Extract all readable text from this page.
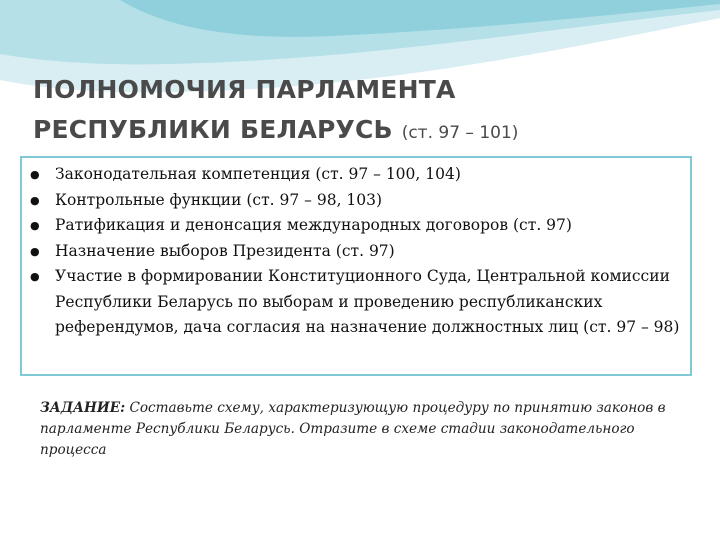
ПОЛНОМОЧИЯ ПАРЛАМЕНТА
РЕСПУБЛИКИ БЕЛАРУСЬ (ст. 97 – 101)
● Законодательная компетенция (ст. 97 – 100, 104)
● Контрольные функции (ст. 97 – 98, 103)
● Ратификация и денонсация международных договоров (ст. 97)
● Назначение выборов Президента (ст. 97)
● Участие в формировании Конституционного Суда, Центральной комиссии Республики Беларусь по выборам и проведению республиканских референдумов, дача согласия на назначение должностных лиц (ст. 97 – 98)
ЗАДАНИЕ: Составьте схему, характеризующую процедуру по принятию законов в парламенте Республики Беларусь. Отразите в схеме стадии законодательного процесса
